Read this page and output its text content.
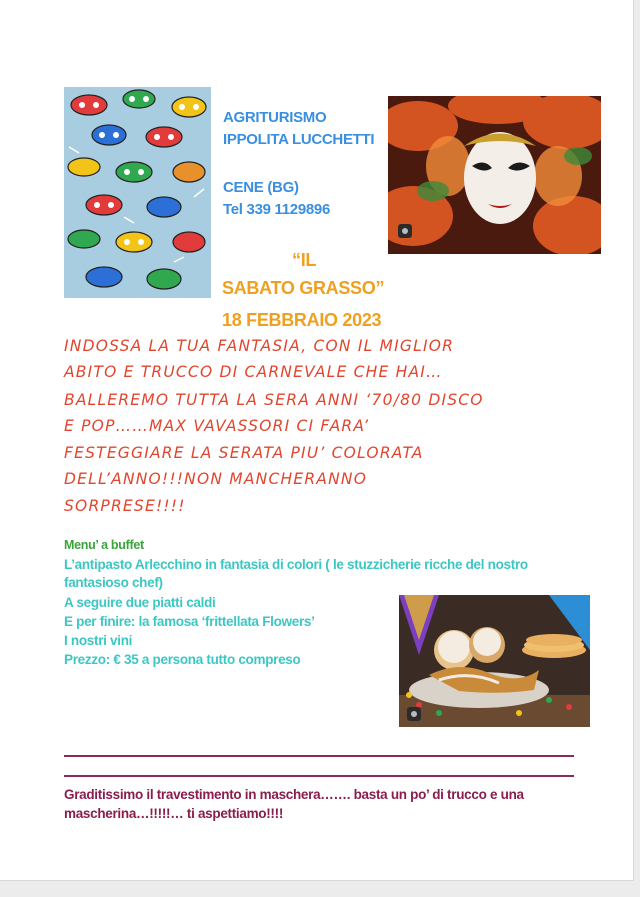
AGRITURISMO
IPPOLITA LUCCHETTI
CENE (BG)
Tel 339 1129896
“IL
SABATO GRASSO”
18 FEBBRAIO 2023
INDOSSA LA TUA FANTASIA, CON IL MIGLIOR
ABITO E TRUCCO DI CARNEVALE CHE HAI…
BALLEREMO TUTTA LA SERA ANNI ‘70/80 DISCO
E POP……MAX VAVASSORI CI FARA’
FESTEGGIARE LA SERATA PIU’ COLORATA
DELL’ANNO!!!NON MANCHERANNO
SORPRESE!!!!
Menu’ a buffet
L’antipasto Arlecchino in fantasia di colori ( le stuzzicherie ricche del nostro
fantasioso chef)
A seguire due piatti caldi
E per finire: la famosa ‘frittellata Flowers’
I nostri vini
Prezzo: € 35 a persona tutto compreso
Graditissimo il travestimento in maschera……. basta un po’ di trucco e una
mascherina…!!!!!… ti aspettiamo!!!!
